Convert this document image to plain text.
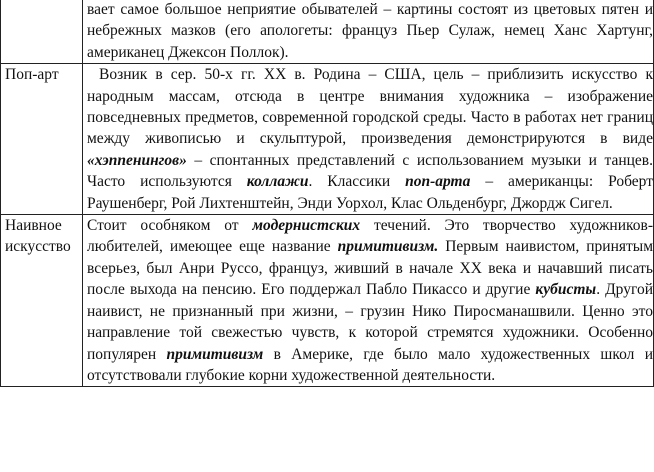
	вает самое большое неприятие обывателей – картины состоят из цветовых пятен и небрежных мазков (его апологеты: француз Пьер Сулаж, немец Ханс Хартунг, американец Джексон Поллок).

Поп-арт	Возник в сер. 50-х гг. XX в. Родина – США, цель – приблизить искусство к народным массам, отсюда в центре внимания художника – изображение повседневных предметов, современной городской среды. Часто в работах нет границ между живописью и скульптурой, произведения демонстрируются в виде «хэппенингов» – спонтанных представлений с использованием музыки и танцев. Часто используются коллажи. Классики поп-арта – американцы: Роберт Раушенберг, Рой Лихтенштейн, Энди Уорхол, Клас Ольденбург, Джордж Сигел.

Наивное искусство	Стоит особняком от модернистских течений. Это творчество художников-любителей, имеющее еще название примитивизм. Первым наивистом, принятым всерьез, был Анри Руссо, француз, живший в начале XX века и начавший писать после выхода на пенсию. Его поддержал Пабло Пикассо и другие кубисты. Другой наивист, не признанный при жизни, – грузин Нико Пиросманашвили. Ценно это направление той свежестью чувств, к которой стремятся художники. Особенно популярен примитивизм в Америке, где было мало художественных школ и отсутствовали глубокие корни художественной деятельности.
